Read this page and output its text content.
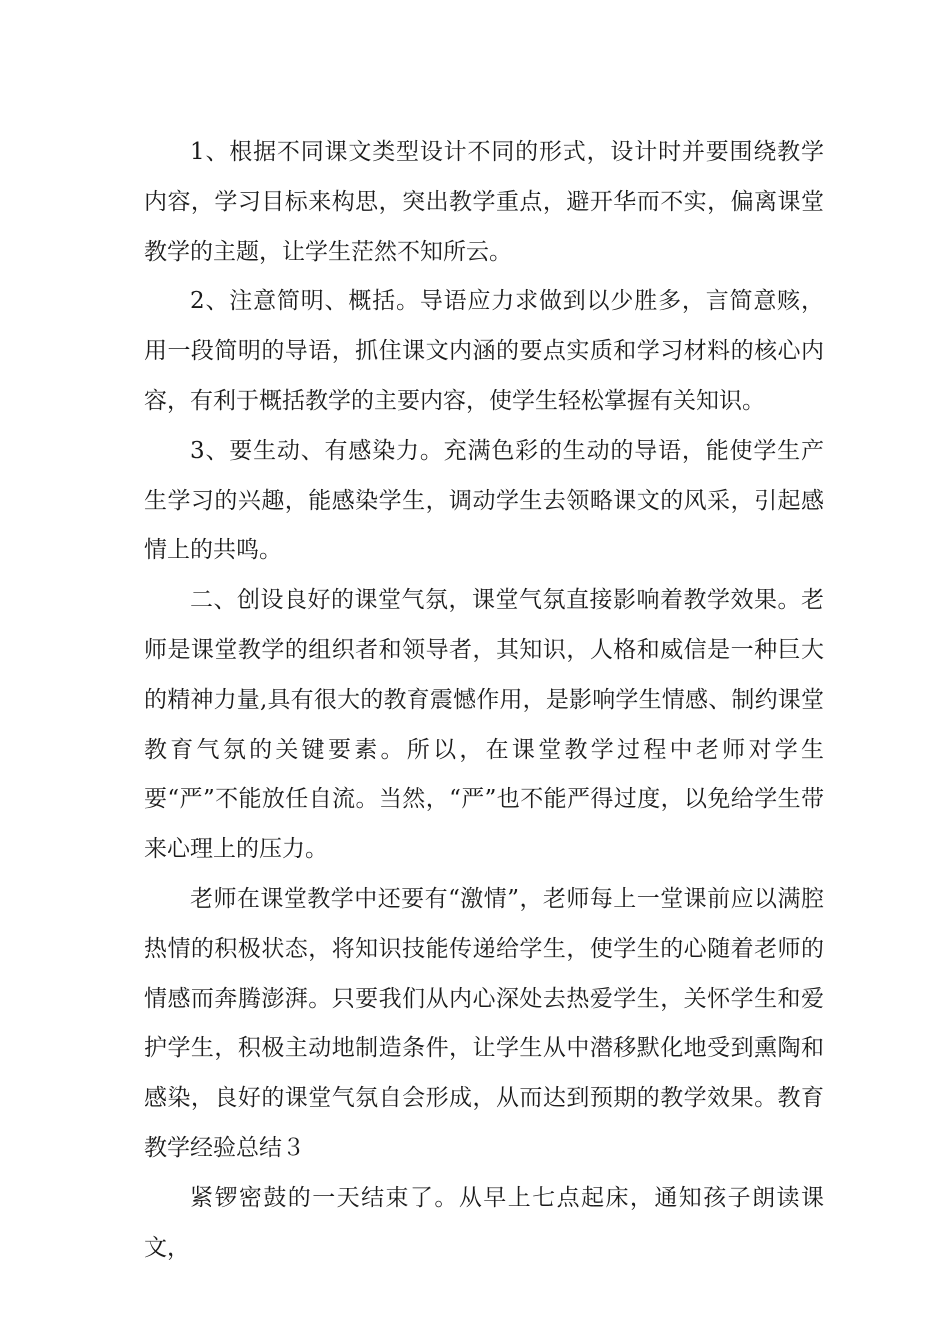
1、根据不同课文类型设计不同的形式，设计时并要围绕教学内容，学习目标来构思，突出教学重点，避开华而不实，偏离课堂教学的主题，让学生茫然不知所云。

2、注意简明、概括。导语应力求做到以少胜多，言简意赅，用一段简明的导语，抓住课文内涵的要点实质和学习材料的核心内容，有利于概括教学的主要内容，使学生轻松掌握有关知识。

3、要生动、有感染力。充满色彩的生动的导语，能使学生产生学习的兴趣，能感染学生，调动学生去领略课文的风采，引起感情上的共鸣。

二、创设良好的课堂气氛，课堂气氛直接影响着教学效果。老师是课堂教学的组织者和领导者，其知识，人格和威信是一种巨大的精神力量,具有很大的教育震憾作用，是影响学生情感、制约课堂教育气氛的关键要素。所以，在课堂教学过程中老师对学生要“严”不能放任自流。当然，“严”也不能严得过度，以免给学生带来心理上的压力。

老师在课堂教学中还要有“激情”，老师每上一堂课前应以满腔热情的积极状态，将知识技能传递给学生，使学生的心随着老师的情感而奔腾澎湃。只要我们从内心深处去热爱学生，关怀学生和爱护学生，积极主动地制造条件，让学生从中潜移默化地受到熏陶和感染，良好的课堂气氛自会形成，从而达到预期的教学效果。教育教学经验总结３

紧锣密鼓的一天结束了。从早上七点起床，通知孩子朗读课文，
